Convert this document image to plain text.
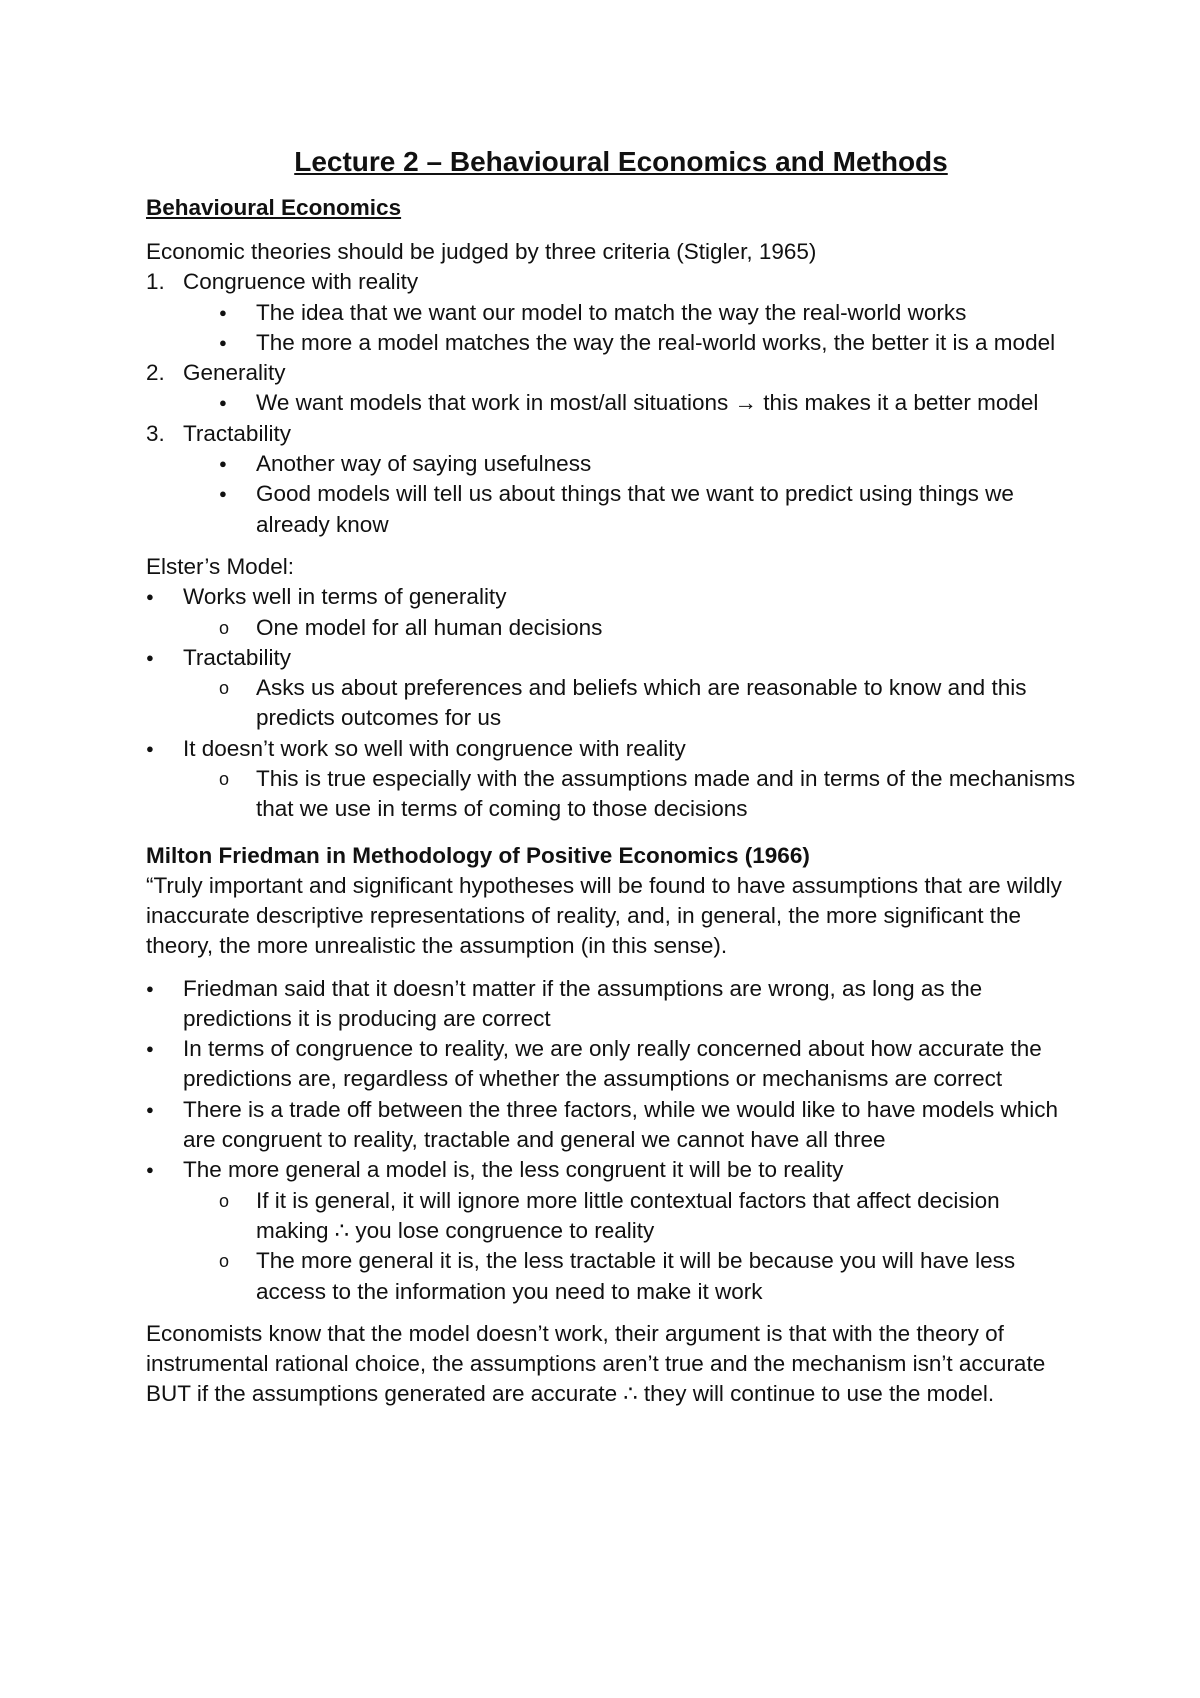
Lecture 2 – Behavioural Economics and Methods
Behavioural Economics

Economic theories should be judged by three criteria (Stigler, 1965)

1. Congruence with reality
● The idea that we want our model to match the way the real-world works
● The more a model matches the way the real-world works, the better it is a model
2. Generality
● We want models that work in most/all situations → this makes it a better model
3. Tractability
● Another way of saying usefulness
● Good models will tell us about things that we want to predict using things we already know

Elster’s Model:

● Works well in terms of generality
o One model for all human decisions
● Tractability
o Asks us about preferences and beliefs which are reasonable to know and this predicts outcomes for us
● It doesn’t work so well with congruence with reality
o This is true especially with the assumptions made and in terms of the mechanisms that we use in terms of coming to those decisions
Milton Friedman in Methodology of Positive Economics (1966)

“Truly important and significant hypotheses will be found to have assumptions that are wildly inaccurate descriptive representations of reality, and, in general, the more significant the theory, the more unrealistic the assumption (in this sense).

● Friedman said that it doesn’t matter if the assumptions are wrong, as long as the predictions it is producing are correct
● In terms of congruence to reality, we are only really concerned about how accurate the predictions are, regardless of whether the assumptions or mechanisms are correct
● There is a trade off between the three factors, while we would like to have models which are congruent to reality, tractable and general we cannot have all three
● The more general a model is, the less congruent it will be to reality
o If it is general, it will ignore more little contextual factors that affect decision making ∴ you lose congruence to reality
o The more general it is, the less tractable it will be because you will have less access to the information you need to make it work

Economists know that the model doesn’t work, their argument is that with the theory of instrumental rational choice, the assumptions aren’t true and the mechanism isn’t accurate BUT if the assumptions generated are accurate ∴ they will continue to use the model.
